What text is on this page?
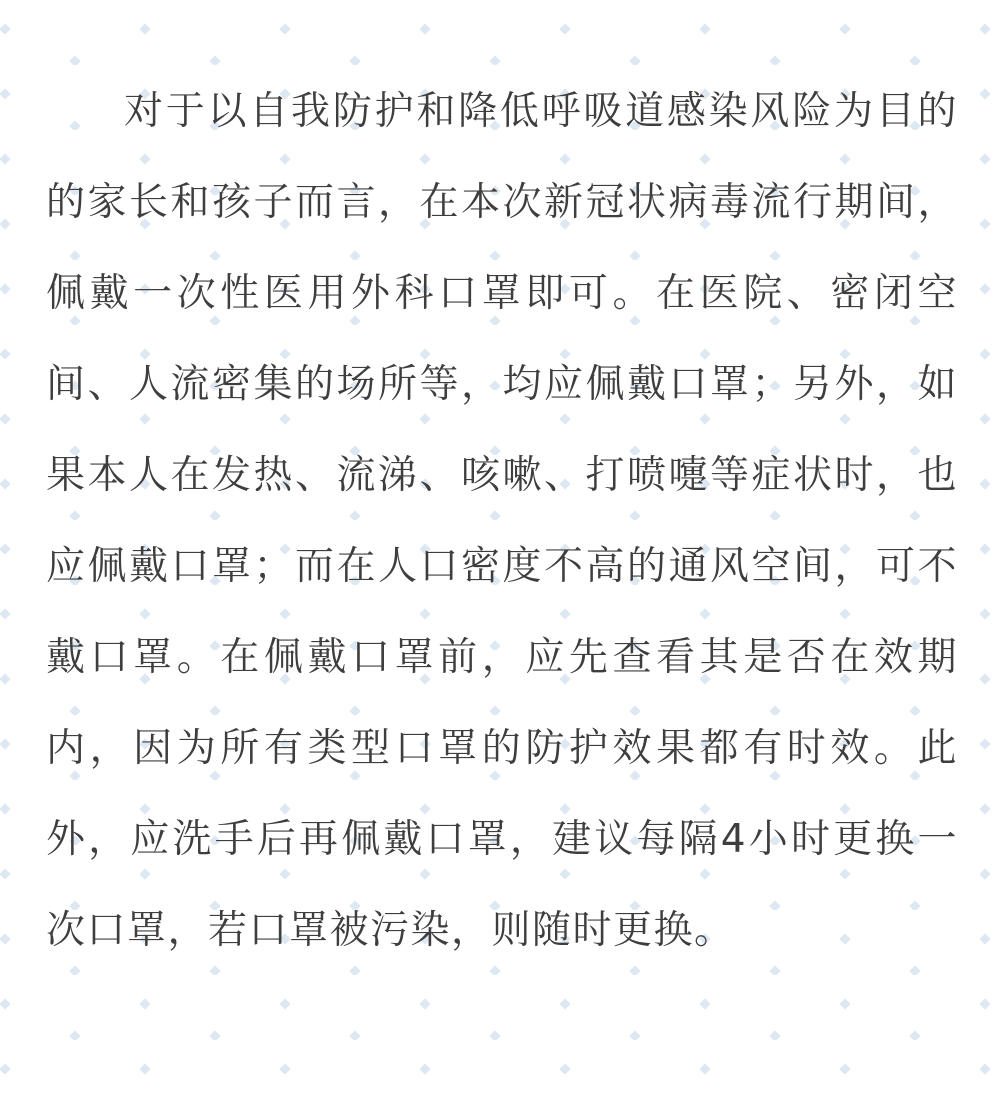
对于以自我防护和降低呼吸道感染风险为目的的家长和孩子而言，在本次新冠状病毒流行期间，佩戴一次性医用外科口罩即可。在医院、密闭空间、人流密集的场所等，均应佩戴口罩；另外，如果本人在发热、流涕、咳嗽、打喷嚏等症状时，也应佩戴口罩；而在人口密度不高的通风空间，可不戴口罩。在佩戴口罩前，应先查看其是否在效期内，因为所有类型口罩的防护效果都有时效。此外，应洗手后再佩戴口罩，建议每隔4小时更换一次口罩，若口罩被污染，则随时更换。
